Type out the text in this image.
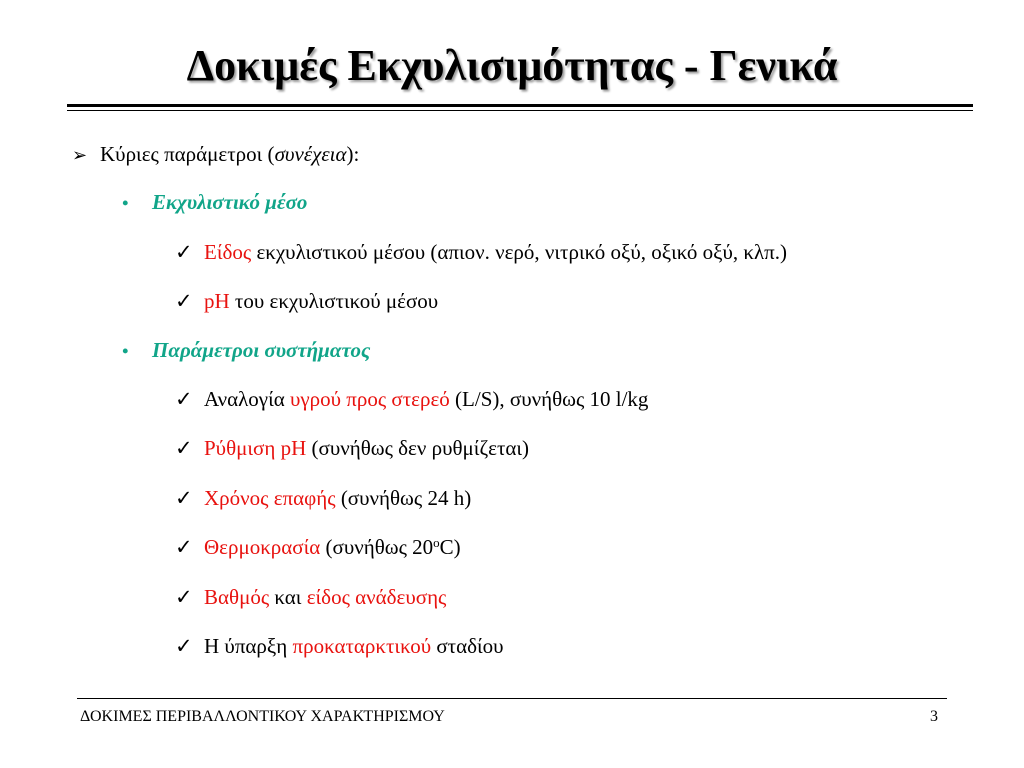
Δοκιμές Εκχυλισιμότητας - Γενικά
➢ Κύριες παράμετροι (συνέχεια):
• Εκχυλιστικό μέσο
✓ Είδος εκχυλιστικού μέσου (απιον. νερό, νιτρικό οξύ, οξικό οξύ, κλπ.)
✓ pH του εκχυλιστικού μέσου
• Παράμετροι συστήματος
✓ Αναλογία υγρού προς στερεό (L/S), συνήθως 10 l/kg
✓ Ρύθμιση pH (συνήθως δεν ρυθμίζεται)
✓ Χρόνος επαφής (συνήθως 24 h)
✓ Θερμοκρασία (συνήθως 20$^o$C)
✓ Βαθμός και είδος ανάδευσης
✓ Η ύπαρξη προκαταρκτικού σταδίου
ΔΟΚΙΜΕΣ ΠΕΡΙΒΑΛΛΟΝΤΙΚΟΥ ΧΑΡΑΚΤΗΡΙΣΜΟΥ	3
